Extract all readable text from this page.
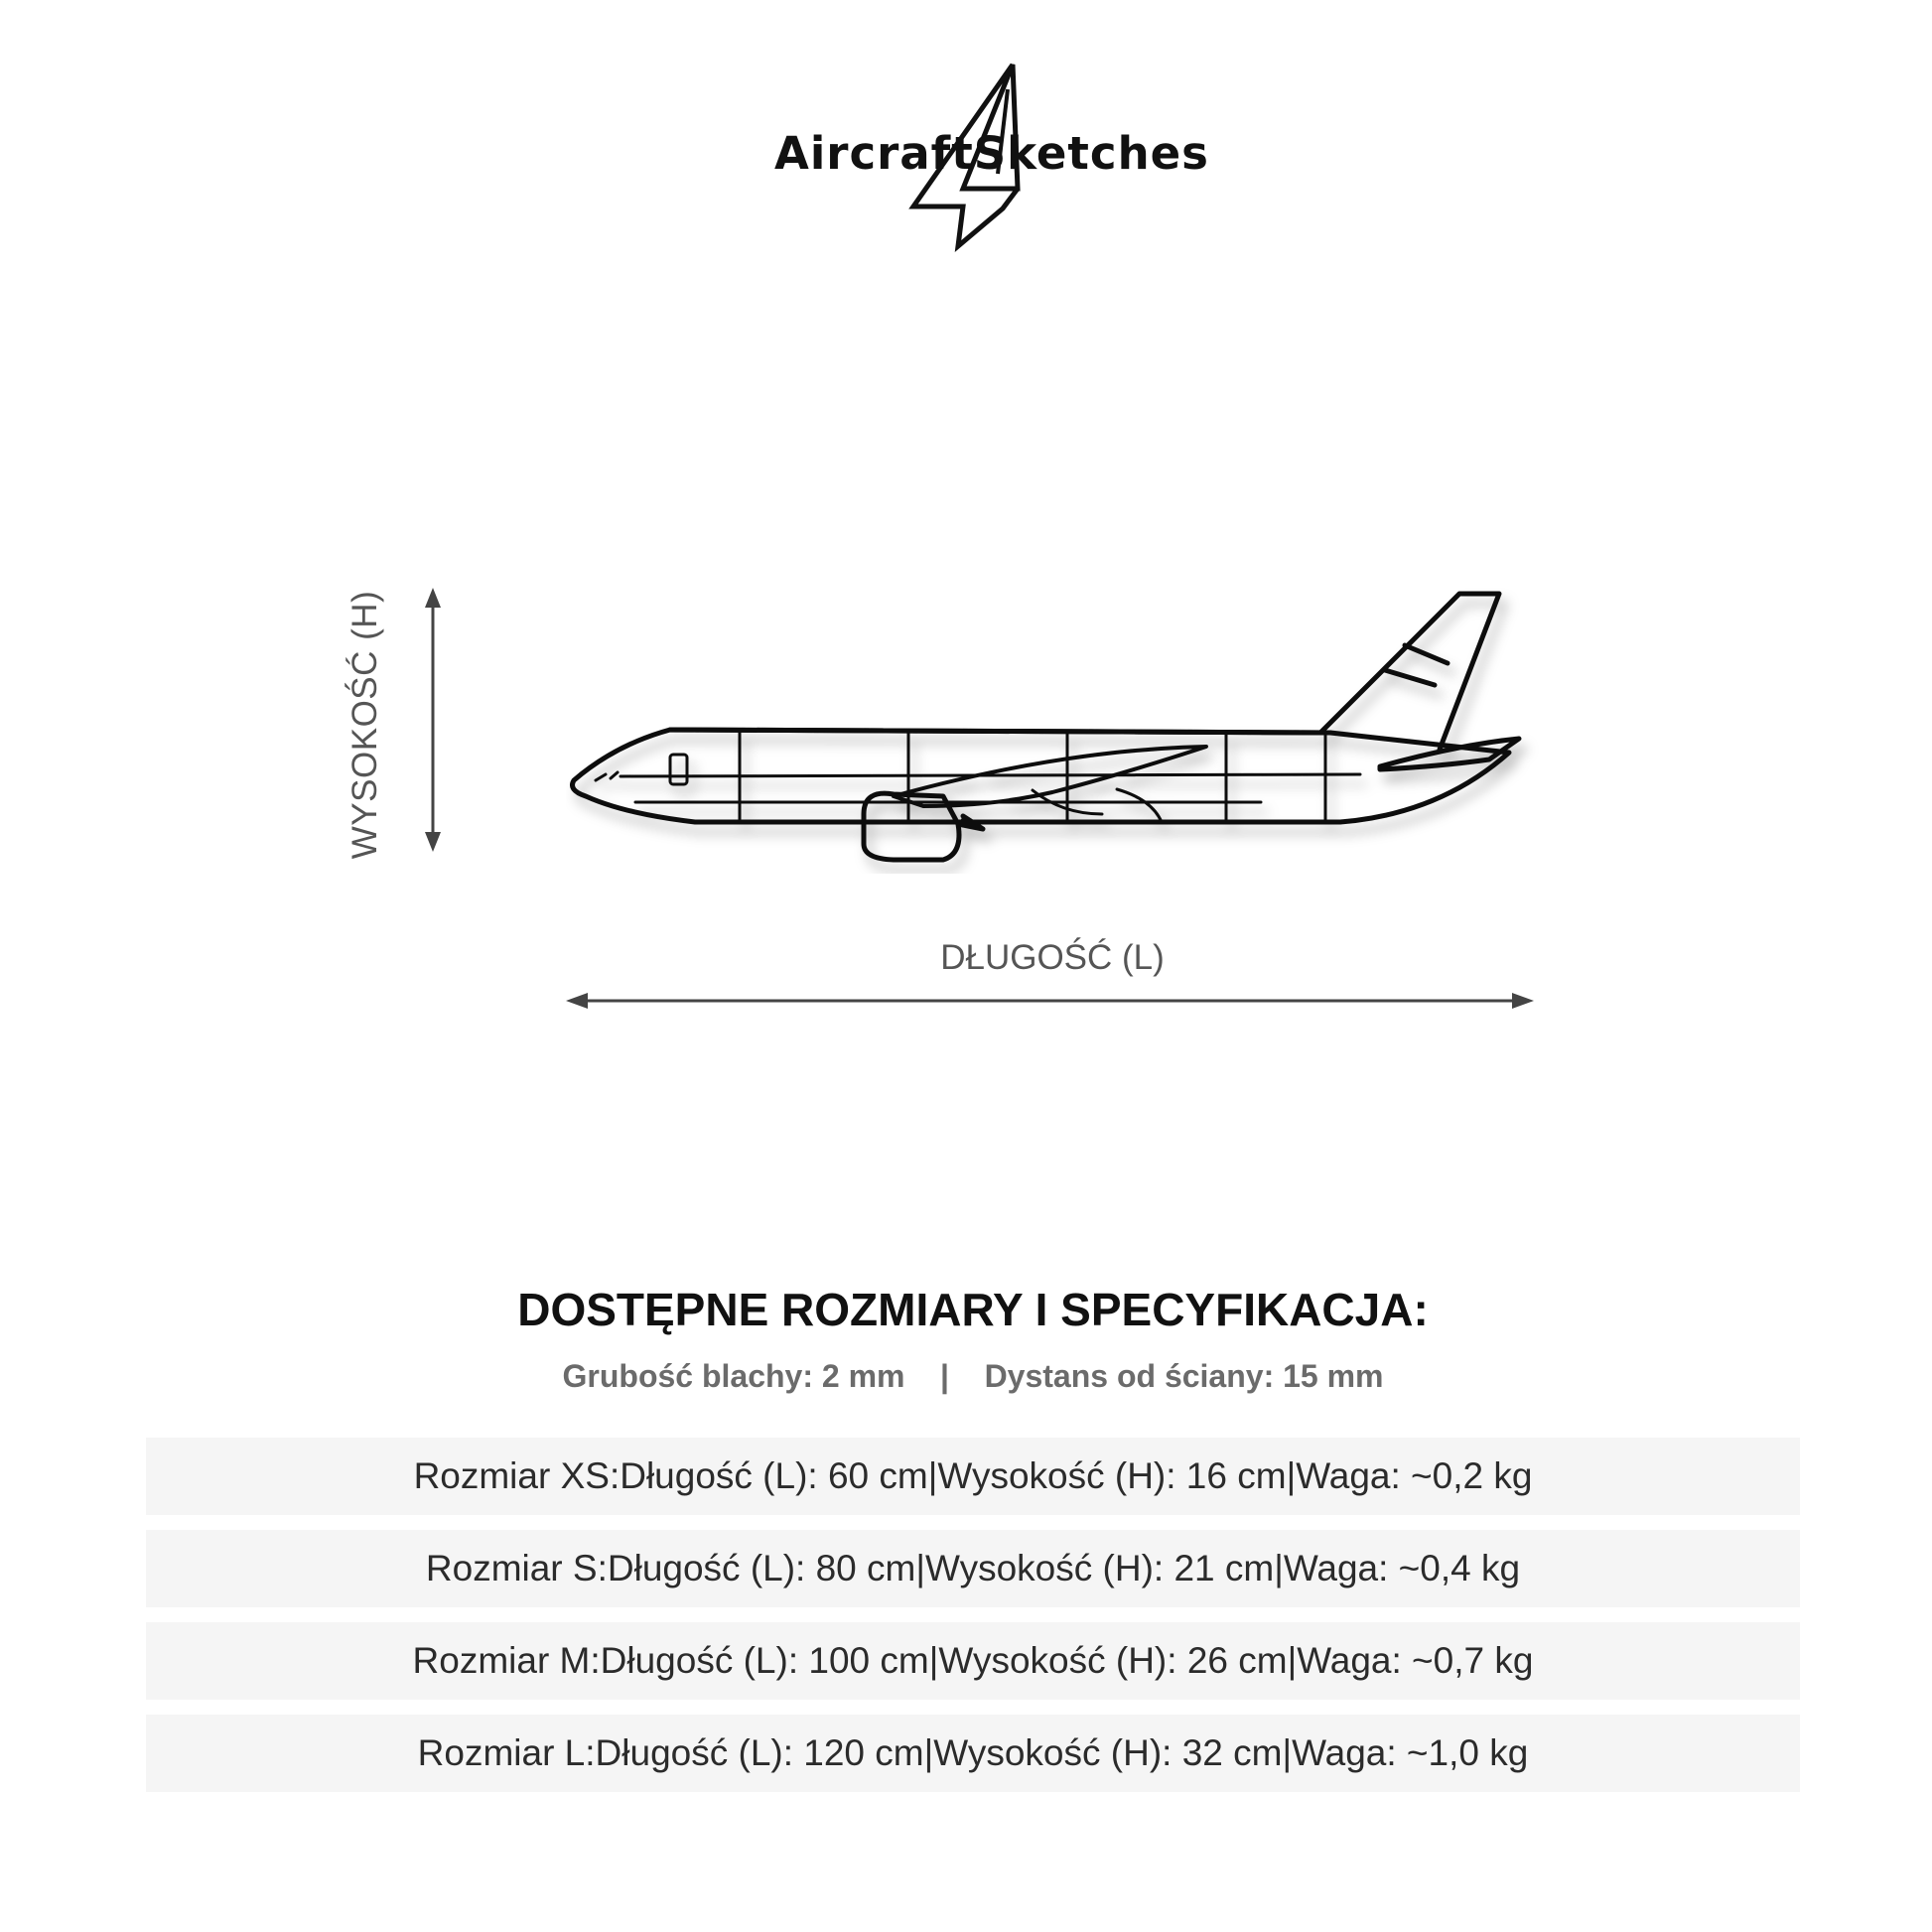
AircraftSketches
WYSOKOŚĆ (H)
DŁUGOŚĆ (L)
DOSTĘPNE ROZMIARY I SPECYFIKACJA:
Grubość blachy: 2 mm | Dystans od ściany: 15 mm
Rozmiar XS: Długość (L): 60 cm | Wysokość (H): 16 cm | Waga: ~0,2 kg
Rozmiar S: Długość (L): 80 cm | Wysokość (H): 21 cm | Waga: ~0,4 kg
Rozmiar M: Długość (L): 100 cm | Wysokość (H): 26 cm | Waga: ~0,7 kg
Rozmiar L: Długość (L): 120 cm | Wysokość (H): 32 cm | Waga: ~1,0 kg
